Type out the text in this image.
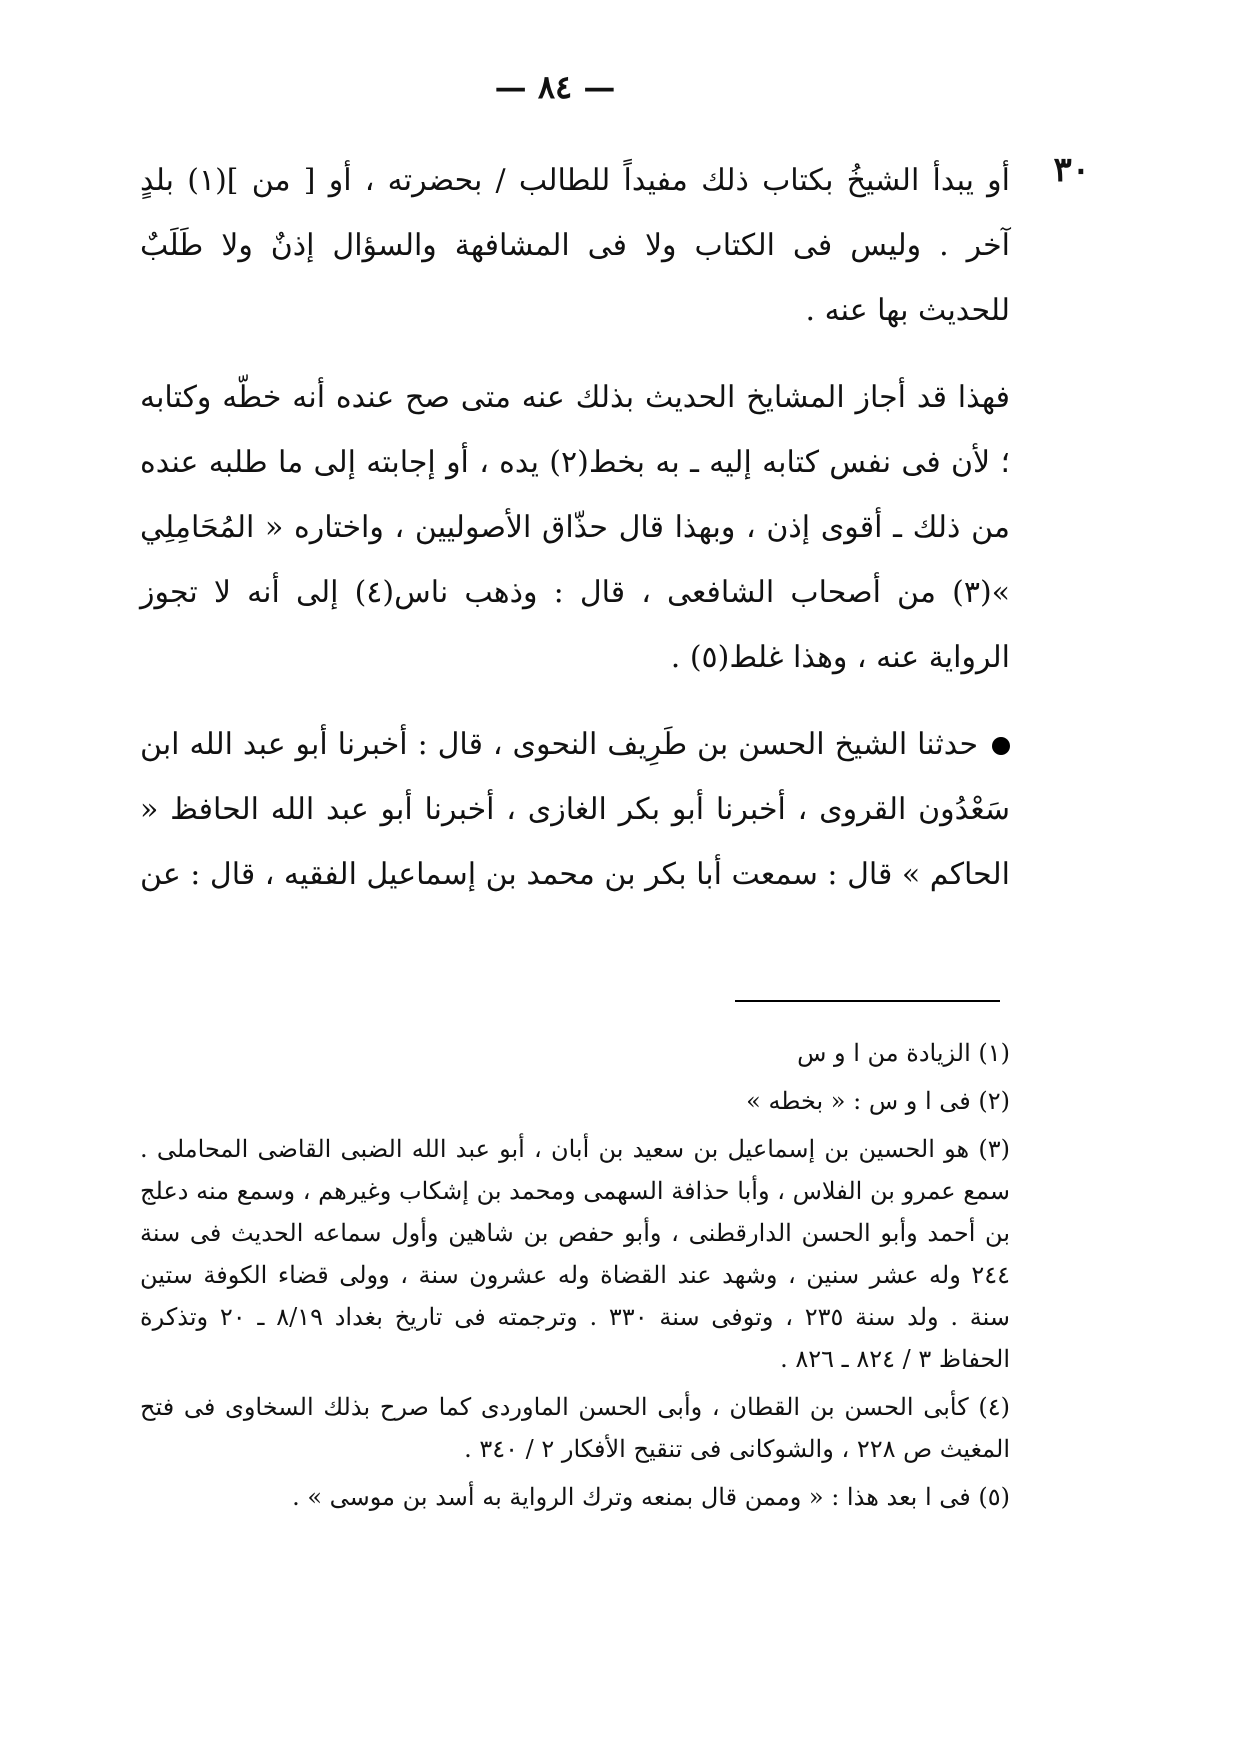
— ٨٤ —
٣٠

أو يبدأ الشيخُ بكتاب ذلك مفيداً للطالب / بحضرته ، أو [ من ](١) بلدٍ آخر . وليس فى الكتاب ولا فى المشافهة والسؤال إذنٌ ولا طَلَبٌ للحديث بها عنه .

فهذا قد أجاز المشايخ الحديث بذلك عنه متى صح عنده أنه خطّه وكتابه ؛ لأن فى نفس كتابه إليه ـ به بخط(٢) يده ، أو إجابته إلى ما طلبه عنده من ذلك ـ أقوى إذن ، وبهذا قال حذّاق الأصوليين ، واختاره « المُحَامِلِي »(٣) من أصحاب الشافعى ، قال : وذهب ناس(٤) إلى أنه لا تجوز الرواية عنه ، وهذا غلط(٥) .

حدثنا الشيخ الحسن بن طَرِيف النحوى ، قال : أخبرنا أبو عبد الله ابن سَعْدُون القروى ، أخبرنا أبو بكر الغازى ، أخبرنا أبو عبد الله الحافظ « الحاكم » قال : سمعت أبا بكر بن محمد بن إسماعيل الفقيه ، قال : عن

(١) الزيادة من ا و س

(٢) فى ا و س : « بخطه »

(٣) هو الحسين بن إسماعيل بن سعيد بن أبان ، أبو عبد الله الضبى القاضى المحاملى . سمع عمرو بن الفلاس ، وأبا حذافة السهمى ومحمد بن إشكاب وغيرهم ، وسمع منه دعلج بن أحمد وأبو الحسن الدارقطنى ، وأبو حفص بن شاهين وأول سماعه الحديث فى سنة ٢٤٤ وله عشر سنين ، وشهد عند القضاة وله عشرون سنة ، وولى قضاء الكوفة ستين سنة . ولد سنة ٢٣٥ ، وتوفى سنة ٣٣٠ . وترجمته فى تاريخ بغداد ٨/١٩ ـ ٢٠ وتذكرة الحفاظ ٣ / ٨٢٤ ـ ٨٢٦ .

(٤) كأبى الحسن بن القطان ، وأبى الحسن الماوردى كما صرح بذلك السخاوى فى فتح المغيث ص ٢٢٨ ، والشوكانى فى تنقيح الأفكار ٢ / ٣٤٠ .

(٥) فى ا بعد هذا : « وممن قال بمنعه وترك الرواية به أسد بن موسى » .
